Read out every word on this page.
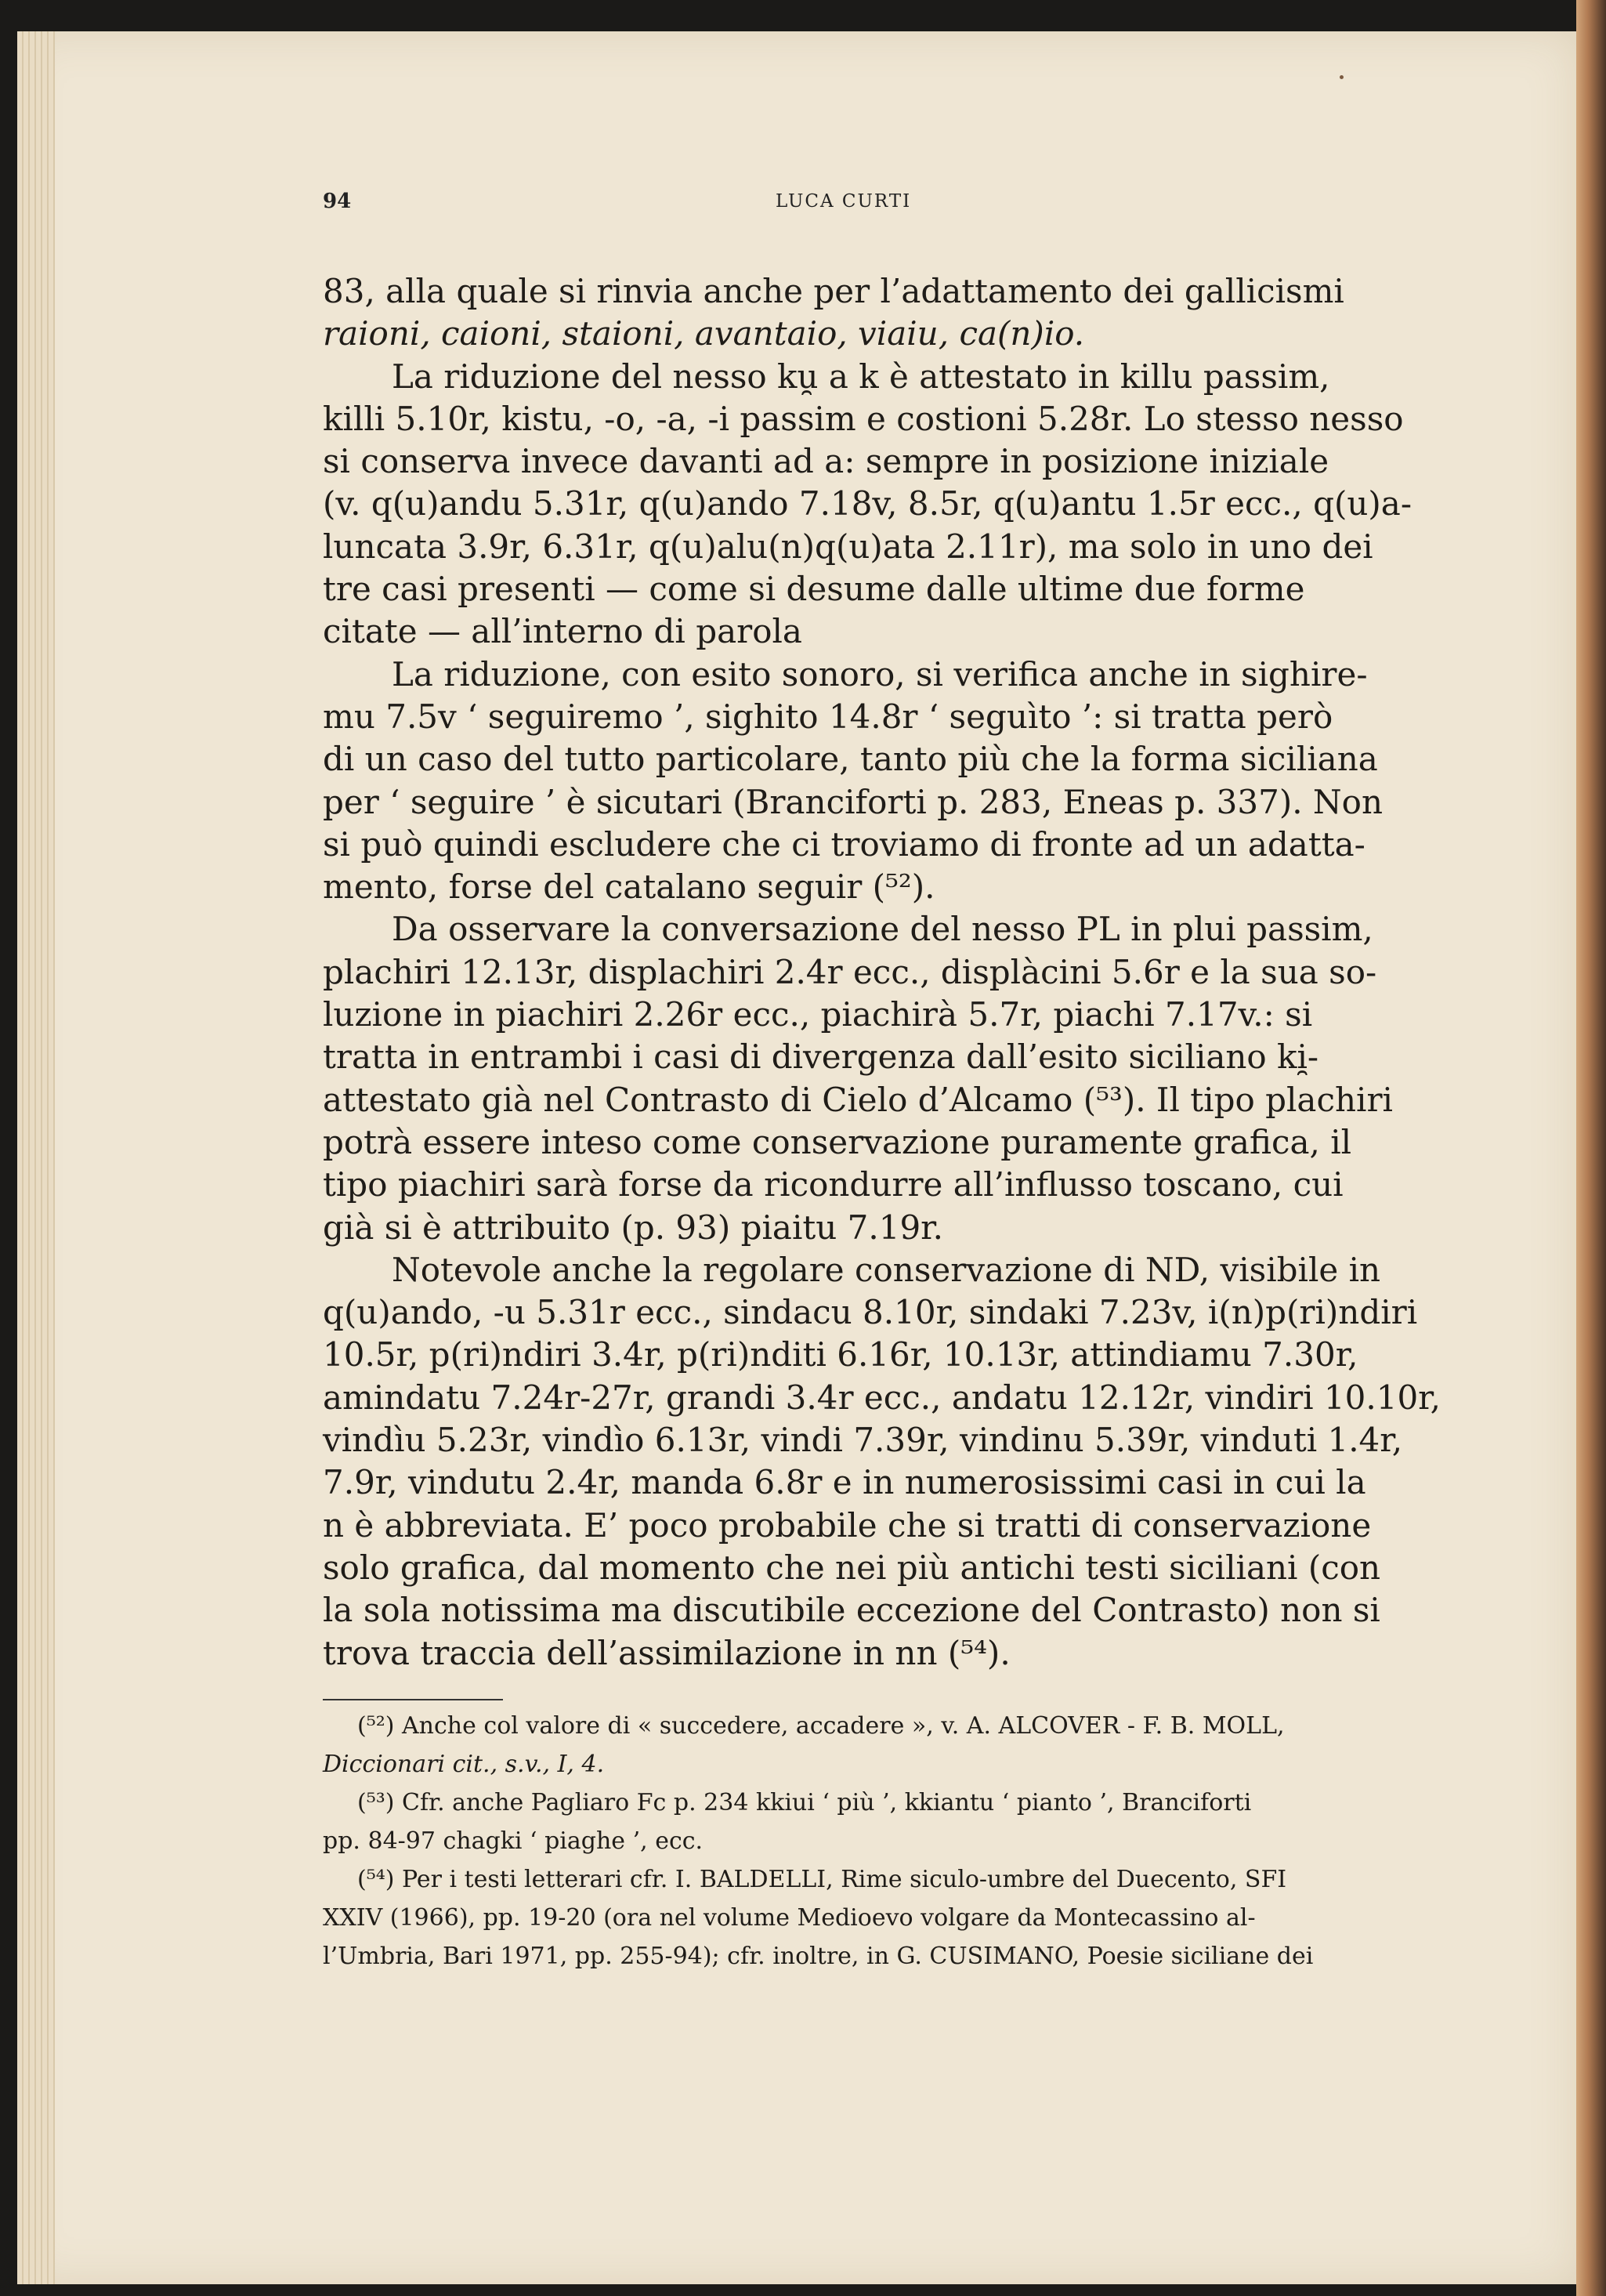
94	LUCA CURTI
83, alla quale si rinvia anche per l’adattamento dei gallicismi
raioni, caioni, staioni, avantaio, viaiu, ca(n)io.
La riduzione del nesso ku̯ a k è attestato in killu passim,
killi 5.10r, kistu, -o, -a, -i passim e costioni 5.28r. Lo stesso nesso
si conserva invece davanti ad a: sempre in posizione iniziale
(v. q(u)andu 5.31r, q(u)ando 7.18v, 8.5r, q(u)antu 1.5r ecc., q(u)a-
luncata 3.9r, 6.31r, q(u)alu(n)q(u)ata 2.11r), ma solo in uno dei
tre casi presenti — come si desume dalle ultime due forme
citate — all’interno di parola
La riduzione, con esito sonoro, si verifica anche in sighire-
mu 7.5v ‘ seguiremo ’, sighito 14.8r ‘ seguìto ’: si tratta però
di un caso del tutto particolare, tanto più che la forma siciliana
per ‘ seguire ’ è sicutari (Branciforti p. 283, Eneas p. 337). Non
si può quindi escludere che ci troviamo di fronte ad un adatta-
mento, forse del catalano seguir (⁵²).
Da osservare la conversazione del nesso PL in plui passim,
plachiri 12.13r, displachiri 2.4r ecc., displàcini 5.6r e la sua so-
luzione in piachiri 2.26r ecc., piachirà 5.7r, piachi 7.17v.: si
tratta in entrambi i casi di divergenza dall’esito siciliano ki̯-
attestato già nel Contrasto di Cielo d’Alcamo (⁵³). Il tipo plachiri
potrà essere inteso come conservazione puramente grafica, il
tipo piachiri sarà forse da ricondurre all’influsso toscano, cui
già si è attribuito (p. 93) piaitu 7.19r.
Notevole anche la regolare conservazione di ND, visibile in
q(u)ando, -u 5.31r ecc., sindacu 8.10r, sindaki 7.23v, i(n)p(ri)ndiri
10.5r, p(ri)ndiri 3.4r, p(ri)nditi 6.16r, 10.13r, attindiamu 7.30r,
amindatu 7.24r-27r, grandi 3.4r ecc., andatu 12.12r, vindiri 10.10r,
vindìu 5.23r, vindìo 6.13r, vindi 7.39r, vindinu 5.39r, vinduti 1.4r,
7.9r, vindutu 2.4r, manda 6.8r e in numerosissimi casi in cui la
n è abbreviata. E’ poco probabile che si tratti di conservazione
solo grafica, dal momento che nei più antichi testi siciliani (con
la sola notissima ma discutibile eccezione del Contrasto) non si
trova traccia dell’assimilazione in nn (⁵⁴).
(⁵²) Anche col valore di « succedere, accadere », v. A. ALCOVER - F. B. MOLL,
Diccionari cit., s.v., I, 4.
(⁵³) Cfr. anche Pagliaro Fc p. 234 kkiui ‘ più ’, kkiantu ‘ pianto ’, Branciforti
pp. 84-97 chagki ‘ piaghe ’, ecc.
(⁵⁴) Per i testi letterari cfr. I. BALDELLI, Rime siculo-umbre del Duecento, SFI
XXIV (1966), pp. 19-20 (ora nel volume Medioevo volgare da Montecassino al-
l’Umbria, Bari 1971, pp. 255-94); cfr. inoltre, in G. CUSIMANO, Poesie siciliane dei
